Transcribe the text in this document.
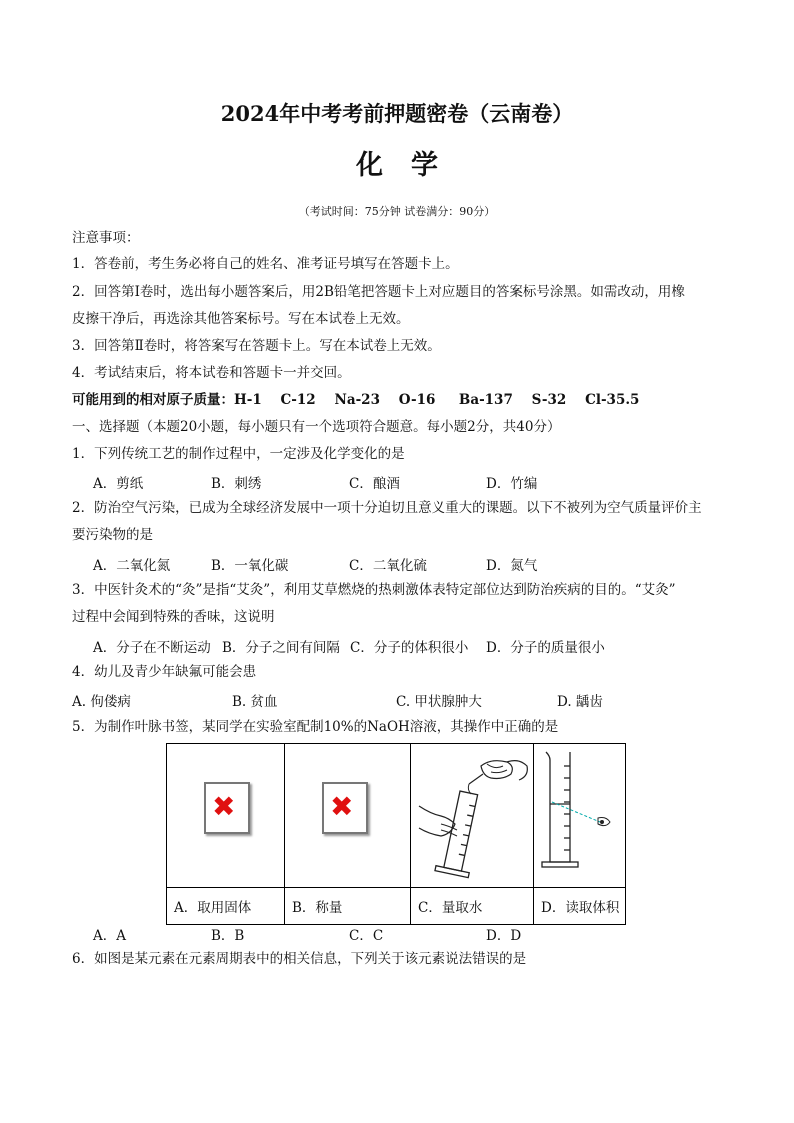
2024年中考考前押题密卷（云南卷）
化学
（考试时间：75分钟 试卷满分：90分）
注意事项：
1．答卷前，考生务必将自己的姓名、准考证号填写在答题卡上。
2．回答第Ⅰ卷时，选出每小题答案后，用2B铅笔把答题卡上对应题目的答案标号涂黑。如需改动，用橡
皮擦干净后，再选涂其他答案标号。写在本试卷上无效。
3．回答第Ⅱ卷时，将答案写在答题卡上。写在本试卷上无效。
4．考试结束后，将本试卷和答题卡一并交回。
可能用到的相对原子质量：H-1    C-12    Na-23    O-16     Ba-137    S-32    Cl-35.5
一、选择题（本题20小题，每小题只有一个选项符合题意。每小题2分，共40分）
1．下列传统工艺的制作过程中，一定涉及化学变化的是
A．剪纸	B．刺绣	C．酿酒	D．竹编
2．防治空气污染，已成为全球经济发展中一项十分迫切且意义重大的课题。以下不被列为空气质量评价主
要污染物的是
A．二氧化氮	B．一氧化碳	C．二氧化硫	D．氮气
3．中医针灸术的“灸”是指“艾灸”，利用艾草燃烧的热刺激体表特定部位达到防治疾病的目的。“艾灸”
过程中会闻到特殊的香味，这说明
A．分子在不断运动 B．分子之间有间隔 C．分子的体积很小 D．分子的质量很小
4．幼儿及青少年缺氟可能会患
A. 佝偻病	B. 贫血	C. 甲状腺肿大	D. 龋齿
5．为制作叶脉书签，某同学在实验室配制10%的NaOH溶液，其操作中正确的是
✖	✖

A．取用固体	B．称量	C．量取水	D．读取体积
A．A	B．B	C．C	D．D
6．如图是某元素在元素周期表中的相关信息，下列关于该元素说法错误的是
